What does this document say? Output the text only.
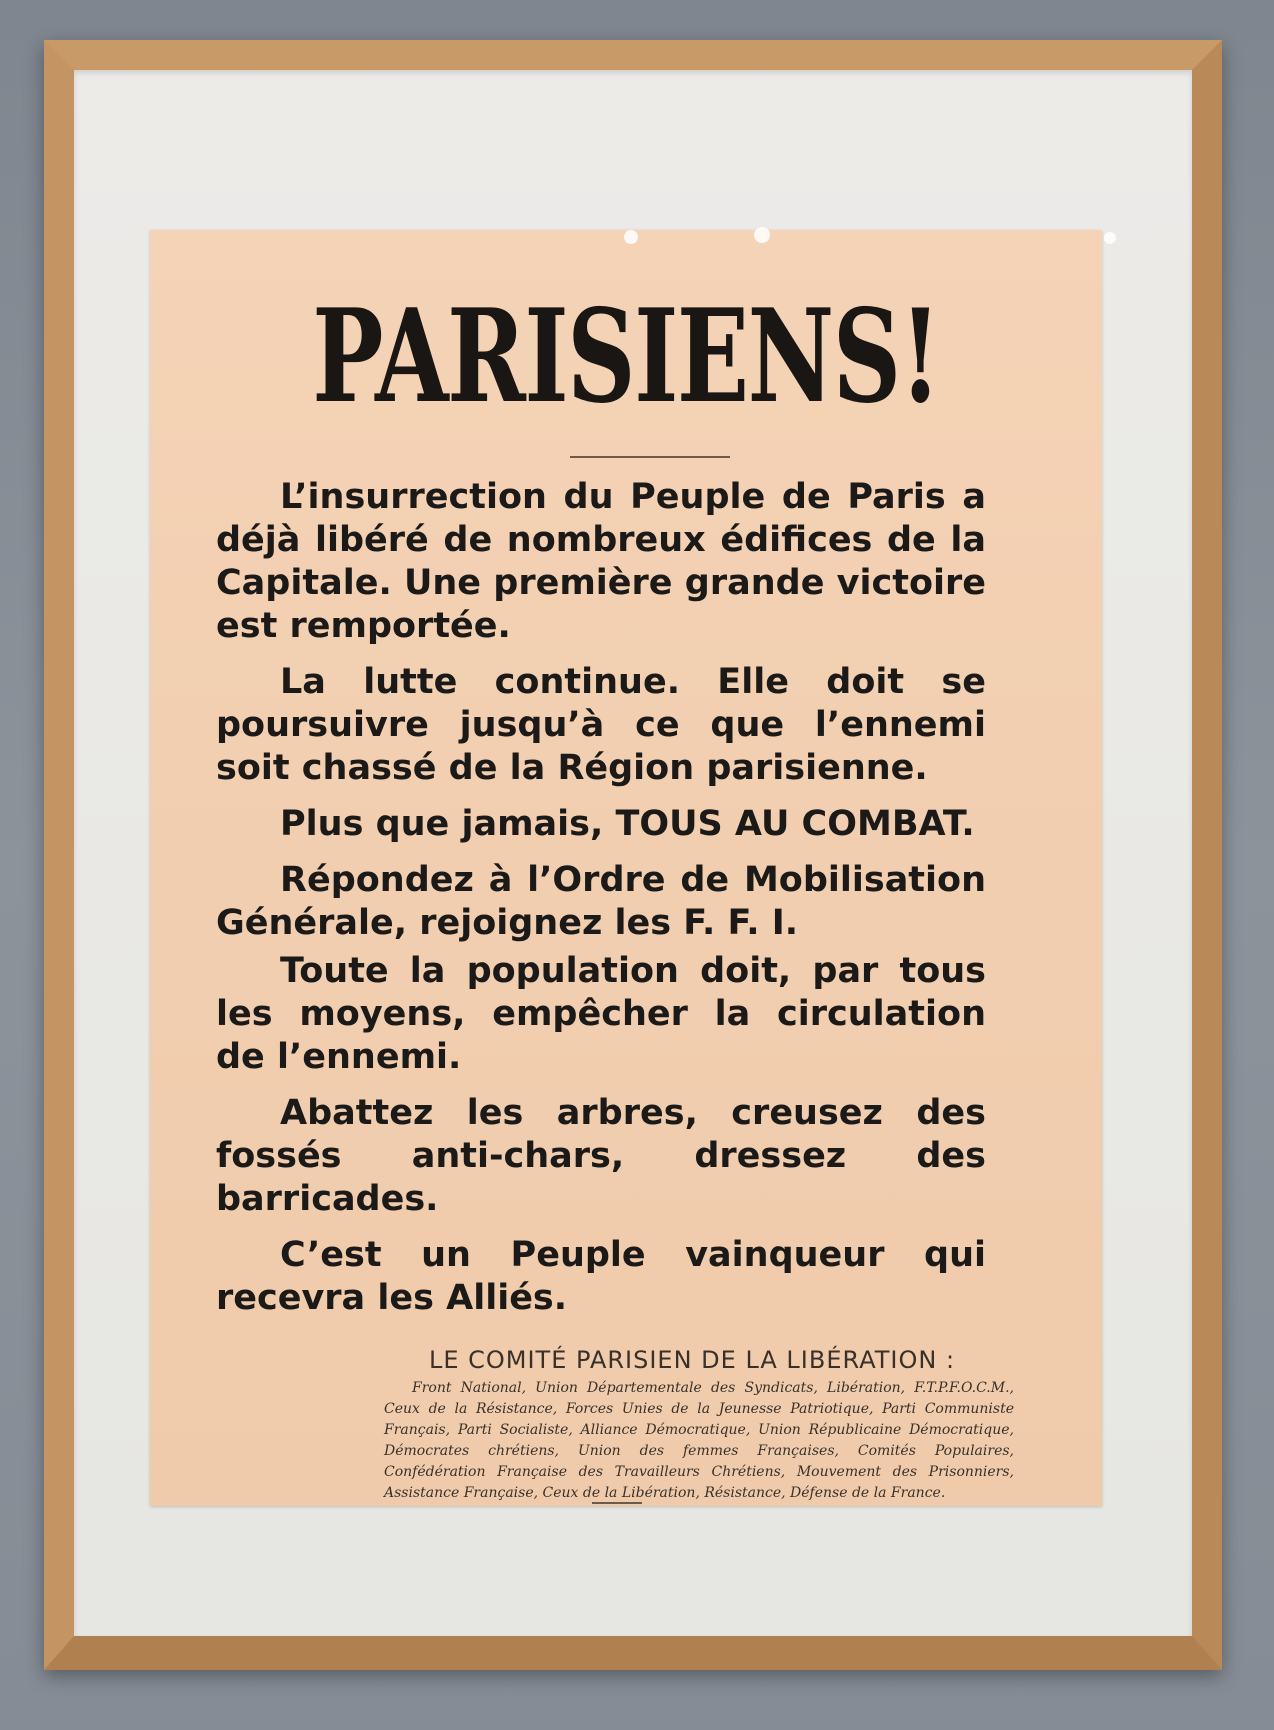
PARISIENS!

L’insurrection du Peuple de Paris a déjà libéré de nombreux édifices de la Capitale. Une première grande victoire est remportée.

La lutte continue. Elle doit se poursuivre jusqu’à ce que l’ennemi soit chassé de la Région parisienne.

Plus que jamais, TOUS AU COMBAT.

Répondez à l’Ordre de Mobilisation Générale, rejoignez les F. F. I.

Toute la population doit, par tous les moyens, empêcher la circulation de l’ennemi.

Abattez les arbres, creusez des fossés anti-chars, dressez des barricades.

C’est un Peuple vainqueur qui recevra les Alliés.

LE COMITÉ PARISIEN DE LA LIBÉRATION :
Front National, Union Départementale des Syndicats, Libération, F.T.P.F.O.C.M., Ceux de la Résistance, Forces Unies de la Jeunesse Patriotique, Parti Communiste Français, Parti Socialiste, Alliance Démocratique, Union Républicaine Démocratique, Démocrates chrétiens, Union des femmes Françaises, Comités Populaires, Confédération Française des Travailleurs Chrétiens, Mouvement des Prisonniers, Assistance Française, Ceux de la Libération, Résistance, Défense de la France.
